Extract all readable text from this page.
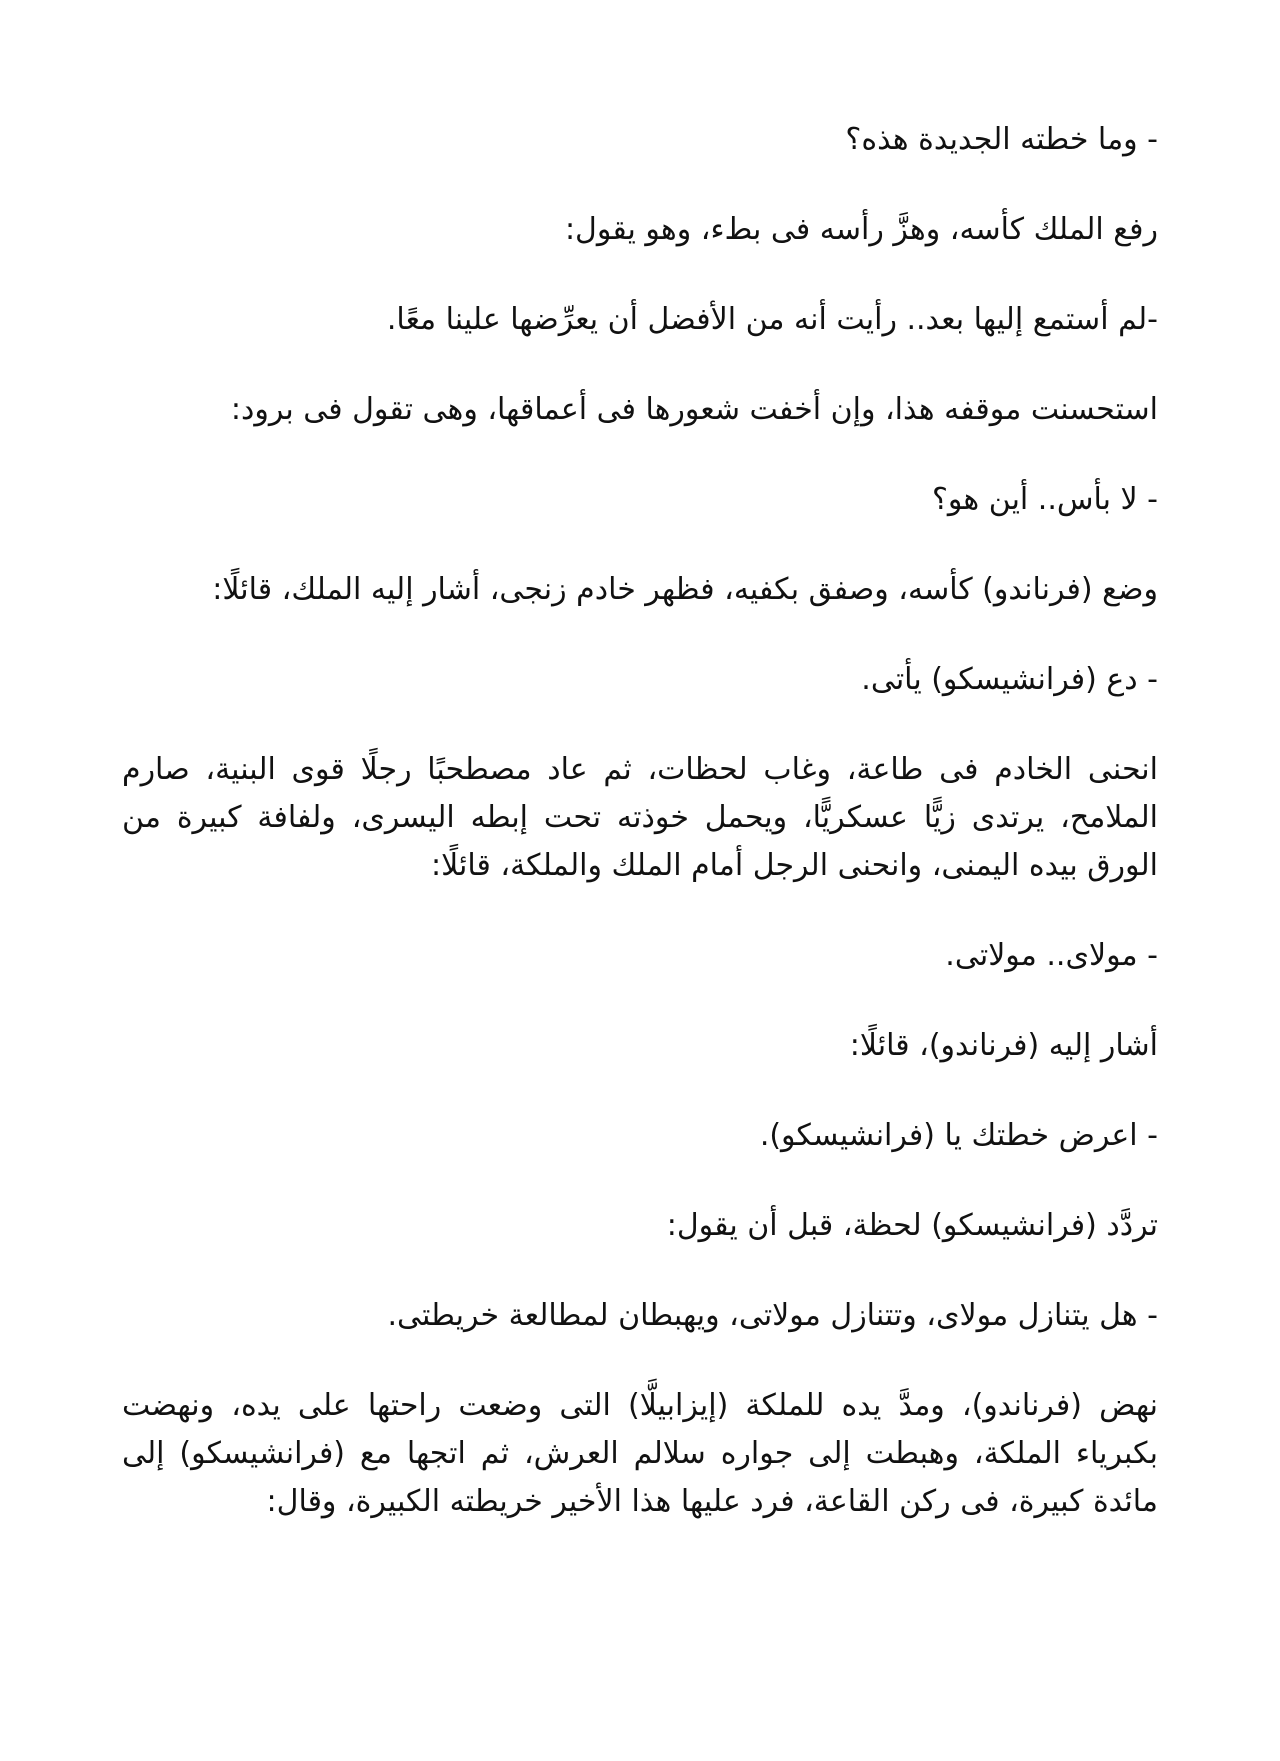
- وما خطته الجديدة هذه؟

رفع الملك كأسه، وهزَّ رأسه فى بطء، وهو يقول:

-لم أستمع إليها بعد.. رأيت أنه من الأفضل أن يعرِّضها علينا معًا.

استحسنت موقفه هذا، وإن أخفت شعورها فى أعماقها، وهى تقول فى برود:

- لا بأس.. أين هو؟

وضع (فرناندو) كأسه، وصفق بكفيه، فظهر خادم زنجى، أشار إليه الملك، قائلًا:

- دع (فرانشيسكو) يأتى.

انحنى الخادم فى طاعة، وغاب لحظات، ثم عاد مصطحبًا رجلًا قوى البنية، صارم الملامح، يرتدى زيًّا عسكريًّا، ويحمل خوذته تحت إبطه اليسرى، ولفافة كبيرة من الورق بيده اليمنى، وانحنى الرجل أمام الملك والملكة، قائلًا:

- مولاى.. مولاتى.

أشار إليه (فرناندو)، قائلًا:

- اعرض خطتك يا (فرانشيسكو).

تردَّد (فرانشيسكو) لحظة، قبل أن يقول:

- هل يتنازل مولاى، وتتنازل مولاتى، ويهبطان لمطالعة خريطتى.

نهض (فرناندو)، ومدَّ يده للملكة (إيزابيلَّا) التى وضعت راحتها على يده، ونهضت بكبرياء الملكة، وهبطت إلى جواره سلالم العرش، ثم اتجها مع (فرانشيسكو) إلى مائدة كبيرة، فى ركن القاعة، فرد عليها هذا الأخير خريطته الكبيرة، وقال:
